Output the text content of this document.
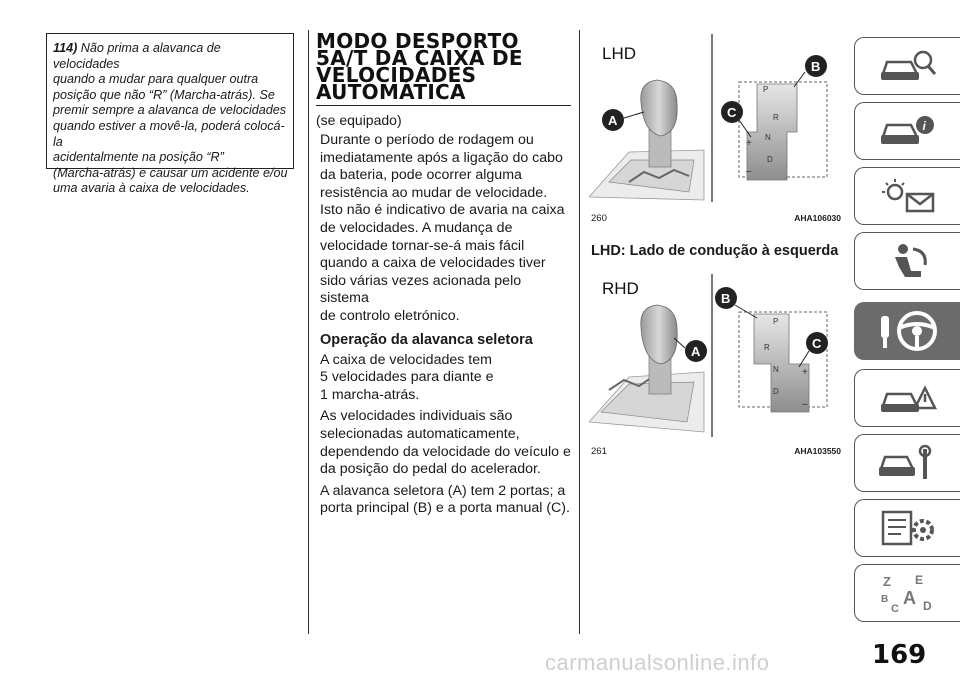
114) Não prima a alavanca de velocidades
quando a mudar para qualquer outra
posição que não “R” (Marcha-atrás). Se
premir sempre a alavanca de velocidades
quando estiver a movê-la, poderá colocá-la
acidentalmente na posição “R”
(Marcha-atrás) e causar um acidente e/ou
uma avaria à caixa de velocidades.
MODO DESPORTO
5A/T DA CAIXA DE
VELOCIDADES
AUTOMÁTICA
(se equipado)

Durante o período de rodagem ou
imediatamente após a ligação do cabo
da bateria, pode ocorrer alguma
resistência ao mudar de velocidade.
Isto não é indicativo de avaria na caixa
de velocidades. A mudança de
velocidade tornar-se-á mais fácil
quando a caixa de velocidades tiver
sido várias vezes acionada pelo sistema
de controlo eletrónico.

Operação da alavanca seletora

A caixa de velocidades tem
5 velocidades para diante e
1 marcha-atrás.

As velocidades individuais são
selecionadas automaticamente,
dependendo da velocidade do veículo e
da posição do pedal do acelerador.

A alavanca seletora (A) tem 2 portas; a
porta principal (B) e a porta manual (C).

LHD
P
R
N
D
+
–
A
B
C
260	AHA106030
LHD: Lado de condução à esquerda
RHD
P
R
N
D
+
–
A
B
C
261	AHA103550
i
Z E
B A
C D
169
carmanualsonline.info
